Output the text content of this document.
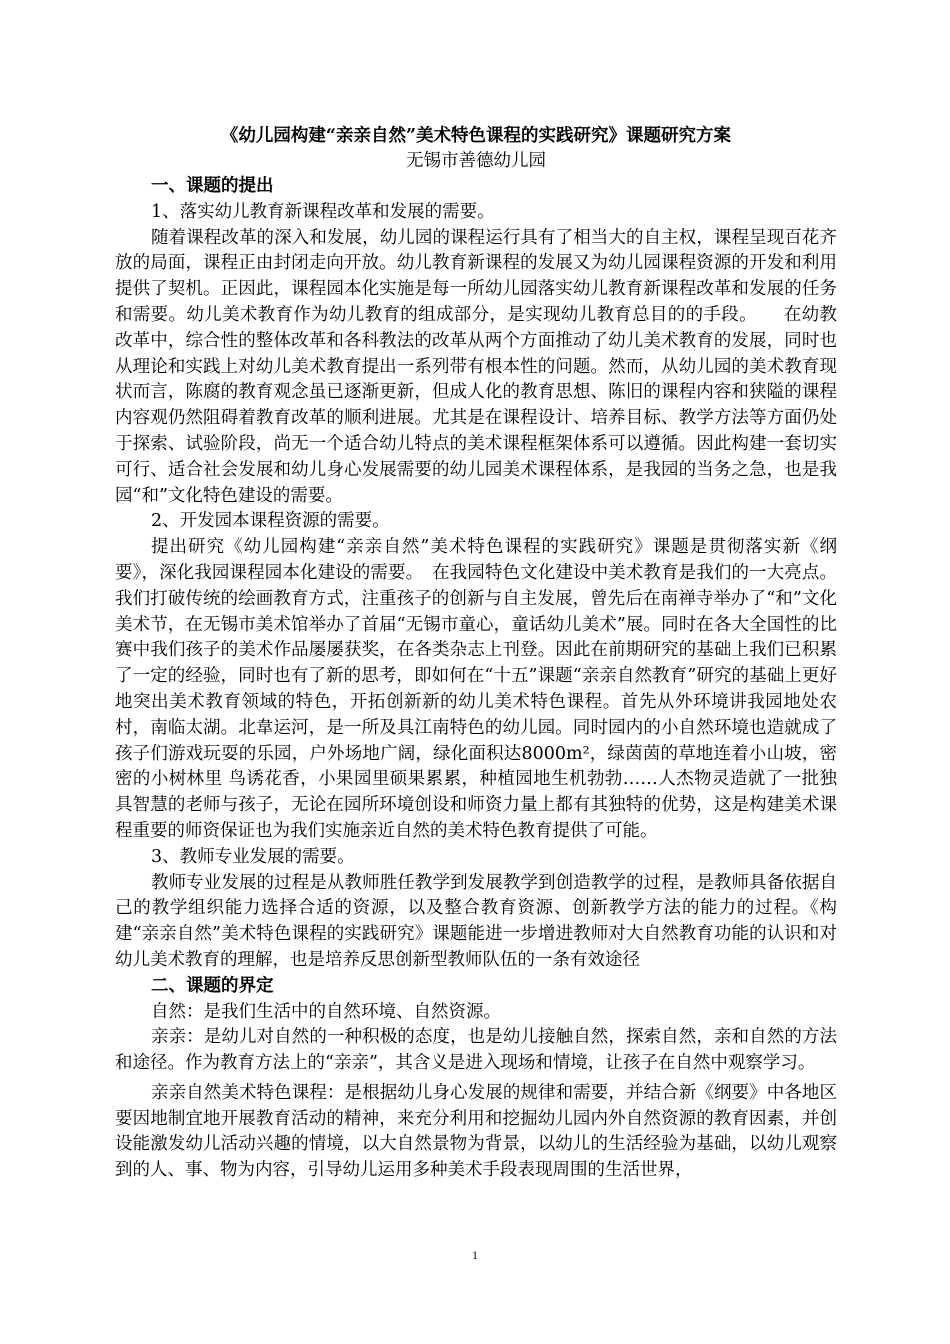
《幼儿园构建“亲亲自然”美术特色课程的实践研究》课题研究方案

无锡市善德幼儿园

一、课题的提出

1、落实幼儿教育新课程改革和发展的需要。

随着课程改革的深入和发展，幼儿园的课程运行具有了相当大的自主权，课程呈现百花齐放的局面，课程正由封闭走向开放。幼儿教育新课程的发展又为幼儿园课程资源的开发和利用提供了契机。正因此，课程园本化实施是每一所幼儿园落实幼儿教育新课程改革和发展的任务和需要。幼儿美术教育作为幼儿教育的组成部分，是实现幼儿教育总目的的手段。　　在幼教改革中，综合性的整体改革和各科教法的改革从两个方面推动了幼儿美术教育的发展，同时也从理论和实践上对幼儿美术教育提出一系列带有根本性的问题。然而，从幼儿园的美术教育现状而言，陈腐的教育观念虽已逐渐更新，但成人化的教育思想、陈旧的课程内容和狭隘的课程内容观仍然阻碍着教育改革的顺利进展。尤其是在课程设计、培养目标、教学方法等方面仍处于探索、试验阶段，尚无一个适合幼儿特点的美术课程框架体系可以遵循。因此构建一套切实可行、适合社会发展和幼儿身心发展需要的幼儿园美术课程体系，是我园的当务之急，也是我园“和”文化特色建设的需要。

2、开发园本课程资源的需要。

提出研究《幼儿园构建“亲亲自然”美术特色课程的实践研究》课题是贯彻落实新《纲要》，深化我园课程园本化建设的需要。　在我园特色文化建设中美术教育是我们的一大亮点。我们打破传统的绘画教育方式，注重孩子的创新与自主发展，曾先后在南禅寺举办了“和”文化美术节，在无锡市美术馆举办了首届“无锡市童心，童话幼儿美术”展。同时在各大全国性的比赛中我们孩子的美术作品屡屡获奖，在各类杂志上刊登。因此在前期研究的基础上我们已积累了一定的经验，同时也有了新的思考，即如何在“十五”课题“亲亲自然教育”研究的基础上更好地突出美术教育领域的特色，开拓创新新的幼儿美术特色课程。首先从外环境讲我园地处农村，南临太湖。北韋运河，是一所及具江南特色的幼儿园。同时园内的小自然环境也造就成了孩子们游戏玩耍的乐园，户外场地广阔，绿化面积达8000m²，绿茵茵的草地连着小山坡，密密的小树林里 鸟诱花香，小果园里硕果累累，种植园地生机勃勃……人杰物灵造就了一批独具智慧的老师与孩子，无论在园所环境创设和师资力量上都有其独特的优势，这是构建美术课程重要的师资保证也为我们实施亲近自然的美术特色教育提供了可能。

3、教师专业发展的需要。

教师专业发展的过程是从教师胜任教学到发展教学到创造教学的过程，是教师具备依据自己的教学组织能力选择合适的资源，以及整合教育资源、创新教学方法的能力的过程。《构建“亲亲自然”美术特色课程的实践研究》课题能进一步增进教师对大自然教育功能的认识和对幼儿美术教育的理解，也是培养反思创新型教师队伍的一条有效途径

二、课题的界定

自然：是我们生活中的自然环境、自然资源。

亲亲：是幼儿对自然的一种积极的态度，也是幼儿接触自然，探索自然，亲和自然的方法和途径。作为教育方法上的“亲亲”，其含义是进入现场和情境，让孩子在自然中观察学习。

亲亲自然美术特色课程：是根据幼儿身心发展的规律和需要，并结合新《纲要》中各地区要因地制宜地开展教育活动的精神，来充分利用和挖掘幼儿园内外自然资源的教育因素，并创设能激发幼儿活动兴趣的情境，以大自然景物为背景，以幼儿的生活经验为基础，以幼儿观察到的人、事、物为内容，引导幼儿运用多种美术手段表现周围的生活世界，

1
